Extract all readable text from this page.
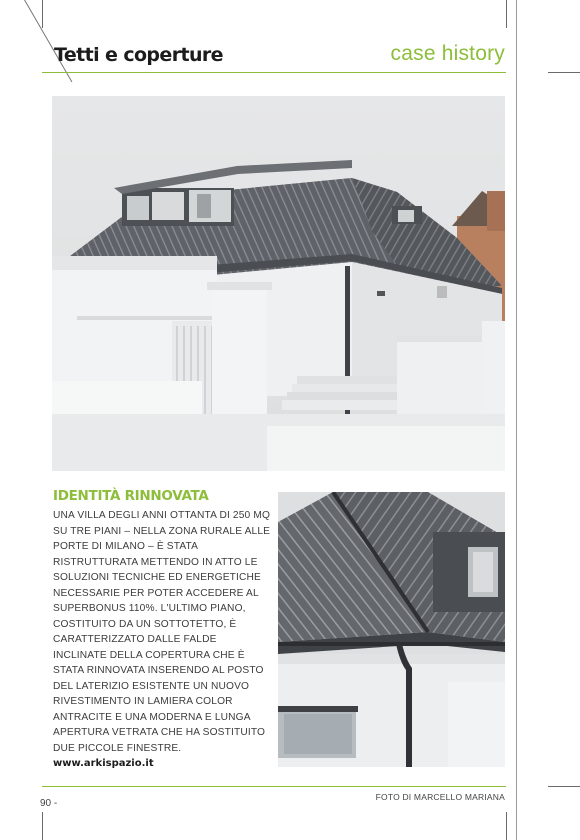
Tetti e coperture	case history
IDENTITÀ RINNOVATA

UNA VILLA DEGLI ANNI OTTANTA DI 250 MQ SU TRE PIANI – NELLA ZONA RURALE ALLE PORTE DI MILANO – È STATA RISTRUTTURATA METTENDO IN ATTO LE SOLUZIONI TECNICHE ED ENERGETICHE NECESSARIE PER POTER ACCEDERE AL SUPERBONUS 110%. L'ULTIMO PIANO, COSTITUITO DA UN SOTTOTETTO, È CARATTERIZZATO DALLE FALDE INCLINATE DELLA COPERTURA CHE È STATA RINNOVATA INSERENDO AL POSTO DEL LATERIZIO ESISTENTE UN NUOVO RIVESTIMENTO IN LAMIERA COLOR ANTRACITE E UNA MODERNA E LUNGA APERTURA VETRATA CHE HA SOSTITUITO DUE PICCOLE FINESTRE.

www.arkispazio.it
90 -
FOTO DI MARCELLO MARIANA
